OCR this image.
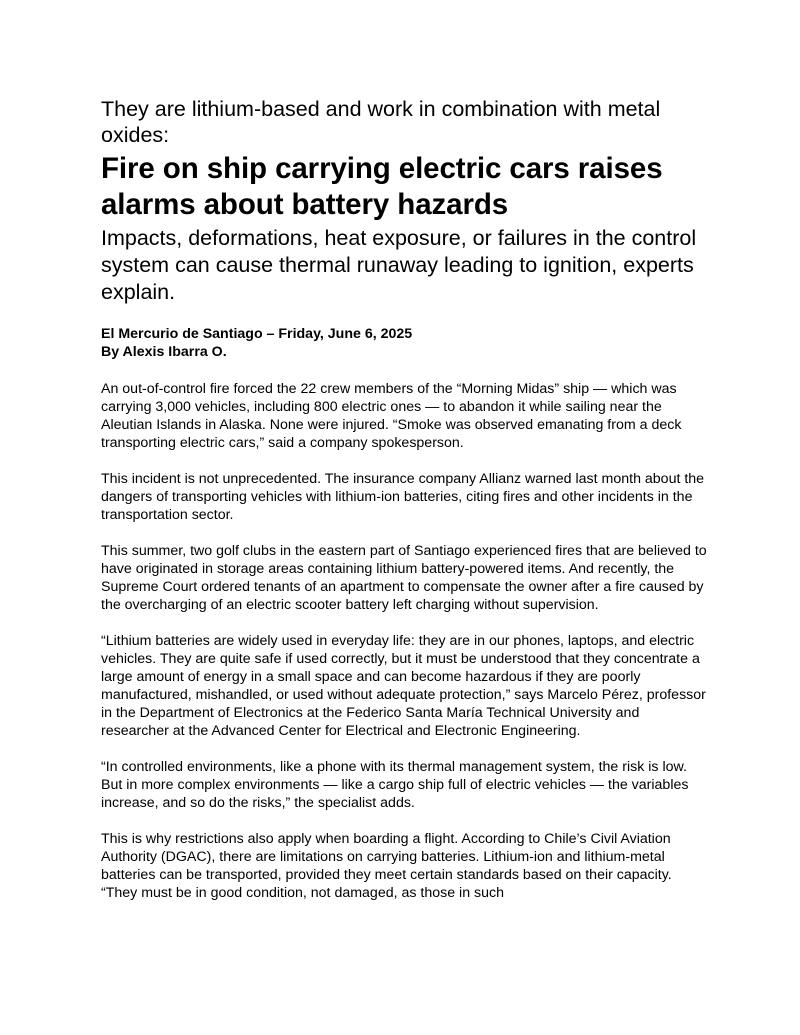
They are lithium-based and work in combination with metal oxides:
Fire on ship carrying electric cars raises alarms about battery hazards
Impacts, deformations, heat exposure, or failures in the control system can cause thermal runaway leading to ignition, experts explain.
El Mercurio de Santiago – Friday, June 6, 2025
By Alexis Ibarra O.

An out-of-control fire forced the 22 crew members of the “Morning Midas” ship — which was carrying 3,000 vehicles, including 800 electric ones — to abandon it while sailing near the Aleutian Islands in Alaska. None were injured. “Smoke was observed emanating from a deck transporting electric cars,” said a company spokesperson.

This incident is not unprecedented. The insurance company Allianz warned last month about the dangers of transporting vehicles with lithium-ion batteries, citing fires and other incidents in the transportation sector.

This summer, two golf clubs in the eastern part of Santiago experienced fires that are believed to have originated in storage areas containing lithium battery-powered items. And recently, the Supreme Court ordered tenants of an apartment to compensate the owner after a fire caused by the overcharging of an electric scooter battery left charging without supervision.

“Lithium batteries are widely used in everyday life: they are in our phones, laptops, and electric vehicles. They are quite safe if used correctly, but it must be understood that they concentrate a large amount of energy in a small space and can become hazardous if they are poorly manufactured, mishandled, or used without adequate protection,” says Marcelo Pérez, professor in the Department of Electronics at the Federico Santa María Technical University and researcher at the Advanced Center for Electrical and Electronic Engineering.

“In controlled environments, like a phone with its thermal management system, the risk is low. But in more complex environments — like a cargo ship full of electric vehicles — the variables increase, and so do the risks,” the specialist adds.

This is why restrictions also apply when boarding a flight. According to Chile’s Civil Aviation Authority (DGAC), there are limitations on carrying batteries. Lithium-ion and lithium-metal batteries can be transported, provided they meet certain standards based on their capacity. “They must be in good condition, not damaged, as those in such
